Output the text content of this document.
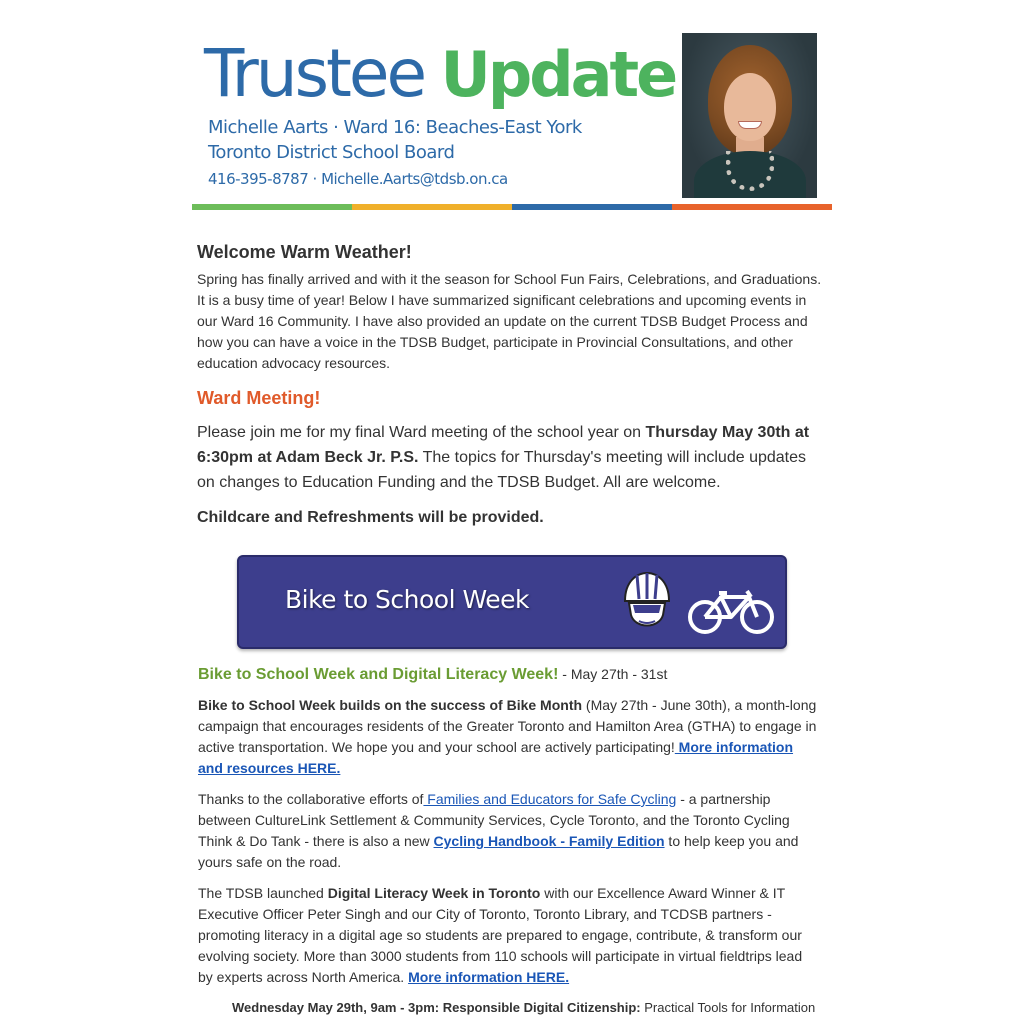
Trustee Update
Michelle Aarts · Ward 16: Beaches-East York
Toronto District School Board
416-395-8787 · Michelle.Aarts@tdsb.on.ca
Welcome Warm Weather!

Spring has finally arrived and with it the season for School Fun Fairs, Celebrations, and Graduations. It is a busy time of year! Below I have summarized significant celebrations and upcoming events in our Ward 16 Community. I have also provided an update on the current TDSB Budget Process and how you can have a voice in the TDSB Budget, participate in Provincial Consultations, and other education advocacy resources.

Ward Meeting!

Please join me for my final Ward meeting of the school year on Thursday May 30th at 6:30pm at Adam Beck Jr. P.S. The topics for Thursday's meeting will include updates on changes to Education Funding and the TDSB Budget. All are welcome.

Childcare and Refreshments will be provided.

Bike to School Week
Bike to School Week and Digital Literacy Week! - May 27th - 31st

Bike to School Week builds on the success of Bike Month (May 27th - June 30th), a month-long campaign that encourages residents of the Greater Toronto and Hamilton Area (GTHA) to engage in active transportation. We hope you and your school are actively participating! More information and resources HERE.

Thanks to the collaborative efforts of Families and Educators for Safe Cycling - a partnership between CultureLink Settlement & Community Services, Cycle Toronto, and the Toronto Cycling Think & Do Tank - there is also a new Cycling Handbook - Family Edition to help keep you and yours safe on the road.

The TDSB launched Digital Literacy Week in Toronto with our Excellence Award Winner & IT Executive Officer Peter Singh and our City of Toronto, Toronto Library, and TCDSB partners - promoting literacy in a digital age so students are prepared to engage, contribute, & transform our evolving society. More than 3000 students from 110 schools will participate in virtual fieldtrips lead by experts across North America. More information HERE.

Wednesday May 29th, 9am - 3pm: Responsible Digital Citizenship: Practical Tools for Information
